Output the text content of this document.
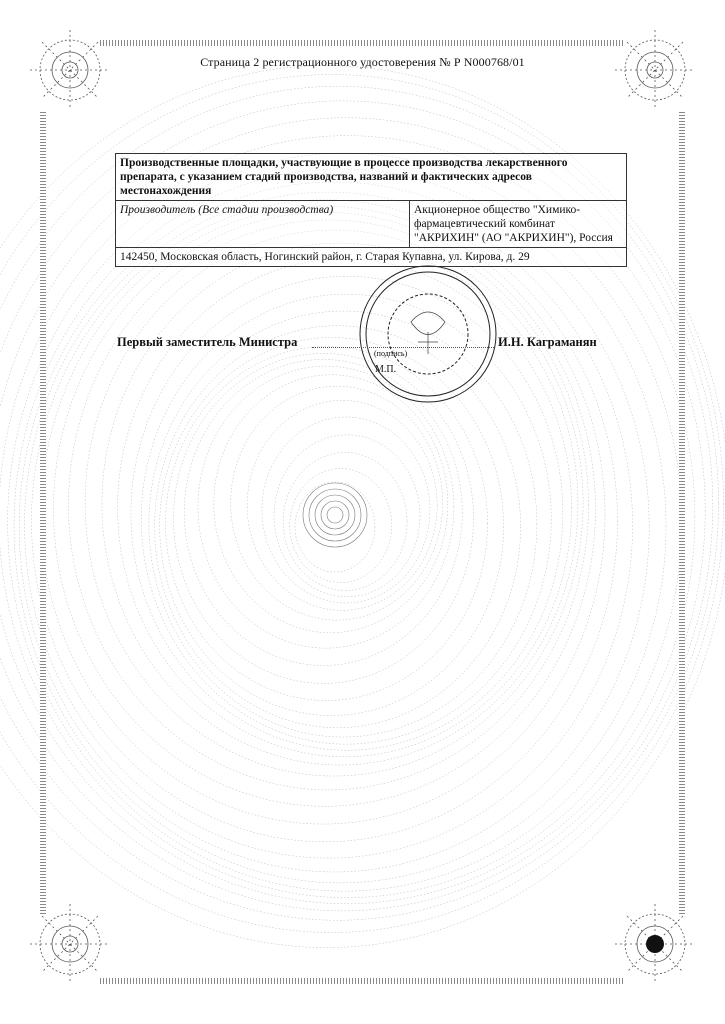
Страница 2 регистрационного удостоверения № Р N000768/01
Производственные площадки, участвующие в процессе производства лекарственного препарата, с указанием стадий производства, названий и фактических адресов местонахождения
Производитель (Все стадии производства)	Акционерное общество "Химико-фармацевтический комбинат "АКРИХИН" (АО "АКРИХИН"), Россия
142450, Московская область, Ногинский район, г. Старая Купавна, ул. Кирова, д. 29
Первый заместитель Министра
(подпись)
М.П.
И.Н. Каграманян
